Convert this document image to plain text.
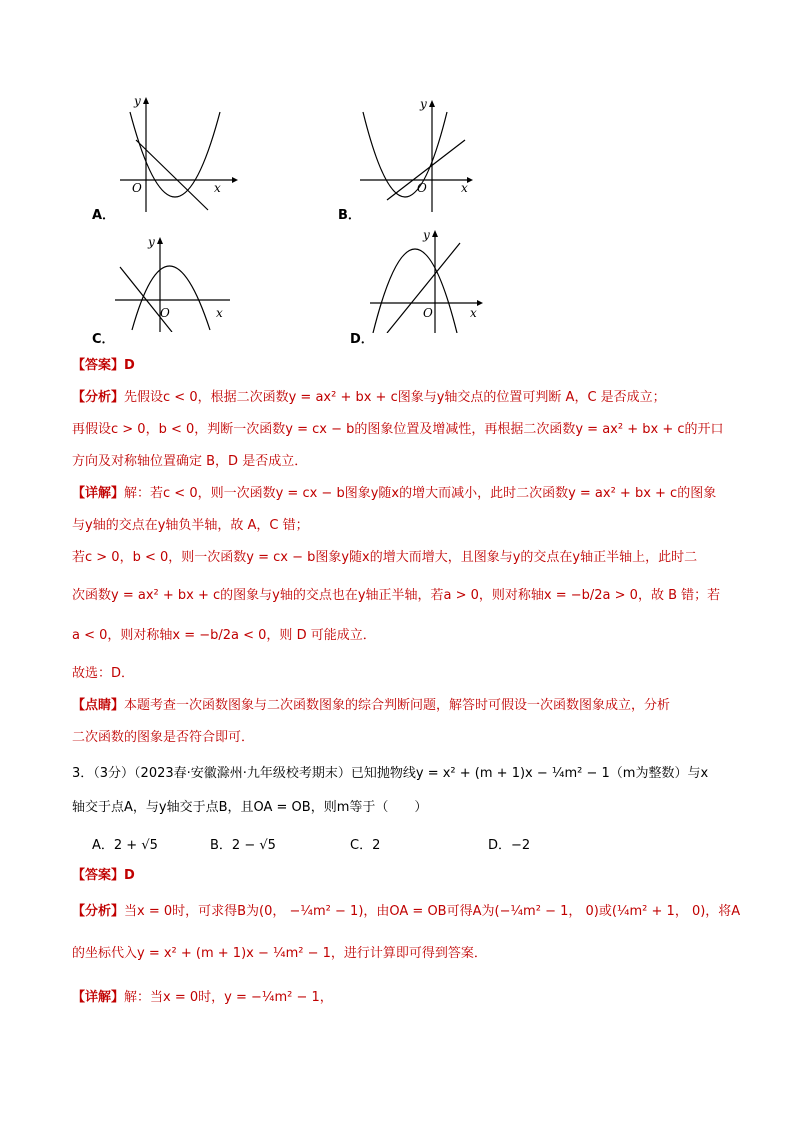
y
O	x
A．
y
O	x
B．
y
O	x
C．
y
O	x
D．
【答案】D
【分析】先假设c < 0，根据二次函数y = ax² + bx + c图象与y轴交点的位置可判断 A，C 是否成立；
再假设c > 0，b < 0，判断一次函数y = cx − b的图象位置及增减性，再根据二次函数y = ax² + bx + c的开口
方向及对称轴位置确定 B，D 是否成立．
【详解】解：若c < 0，则一次函数y = cx − b图象y随x的增大而减小，此时二次函数y = ax² + bx + c的图象
与y轴的交点在y轴负半轴，故 A，C 错；
若c > 0，b < 0，则一次函数y = cx − b图象y随x的增大而增大，且图象与y的交点在y轴正半轴上，此时二
次函数y = ax² + bx + c的图象与y轴的交点也在y轴正半轴，若a > 0，则对称轴x = −b/2a > 0，故 B 错；若
a < 0，则对称轴x = −b/2a < 0，则 D 可能成立．
故选：D．
【点睛】本题考查一次函数图象与二次函数图象的综合判断问题，解答时可假设一次函数图象成立，分析
二次函数的图象是否符合即可．
3．（3分）（2023春·安徽滁州·九年级校考期末）已知抛物线y = x² + (m + 1)x − ¼m² − 1（m为整数）与x
轴交于点A，与y轴交于点B，且OA = OB，则m等于（　　）
A．2 + √5	B．2 − √5	C．2	D．−2
【答案】D
【分析】当x = 0时，可求得B为(0， −¼m² − 1)，由OA = OB可得A为(−¼m² − 1， 0)或(¼m² + 1， 0)，将A
的坐标代入y = x² + (m + 1)x − ¼m² − 1，进行计算即可得到答案．
【详解】解：当x = 0时，y = −¼m² − 1，
